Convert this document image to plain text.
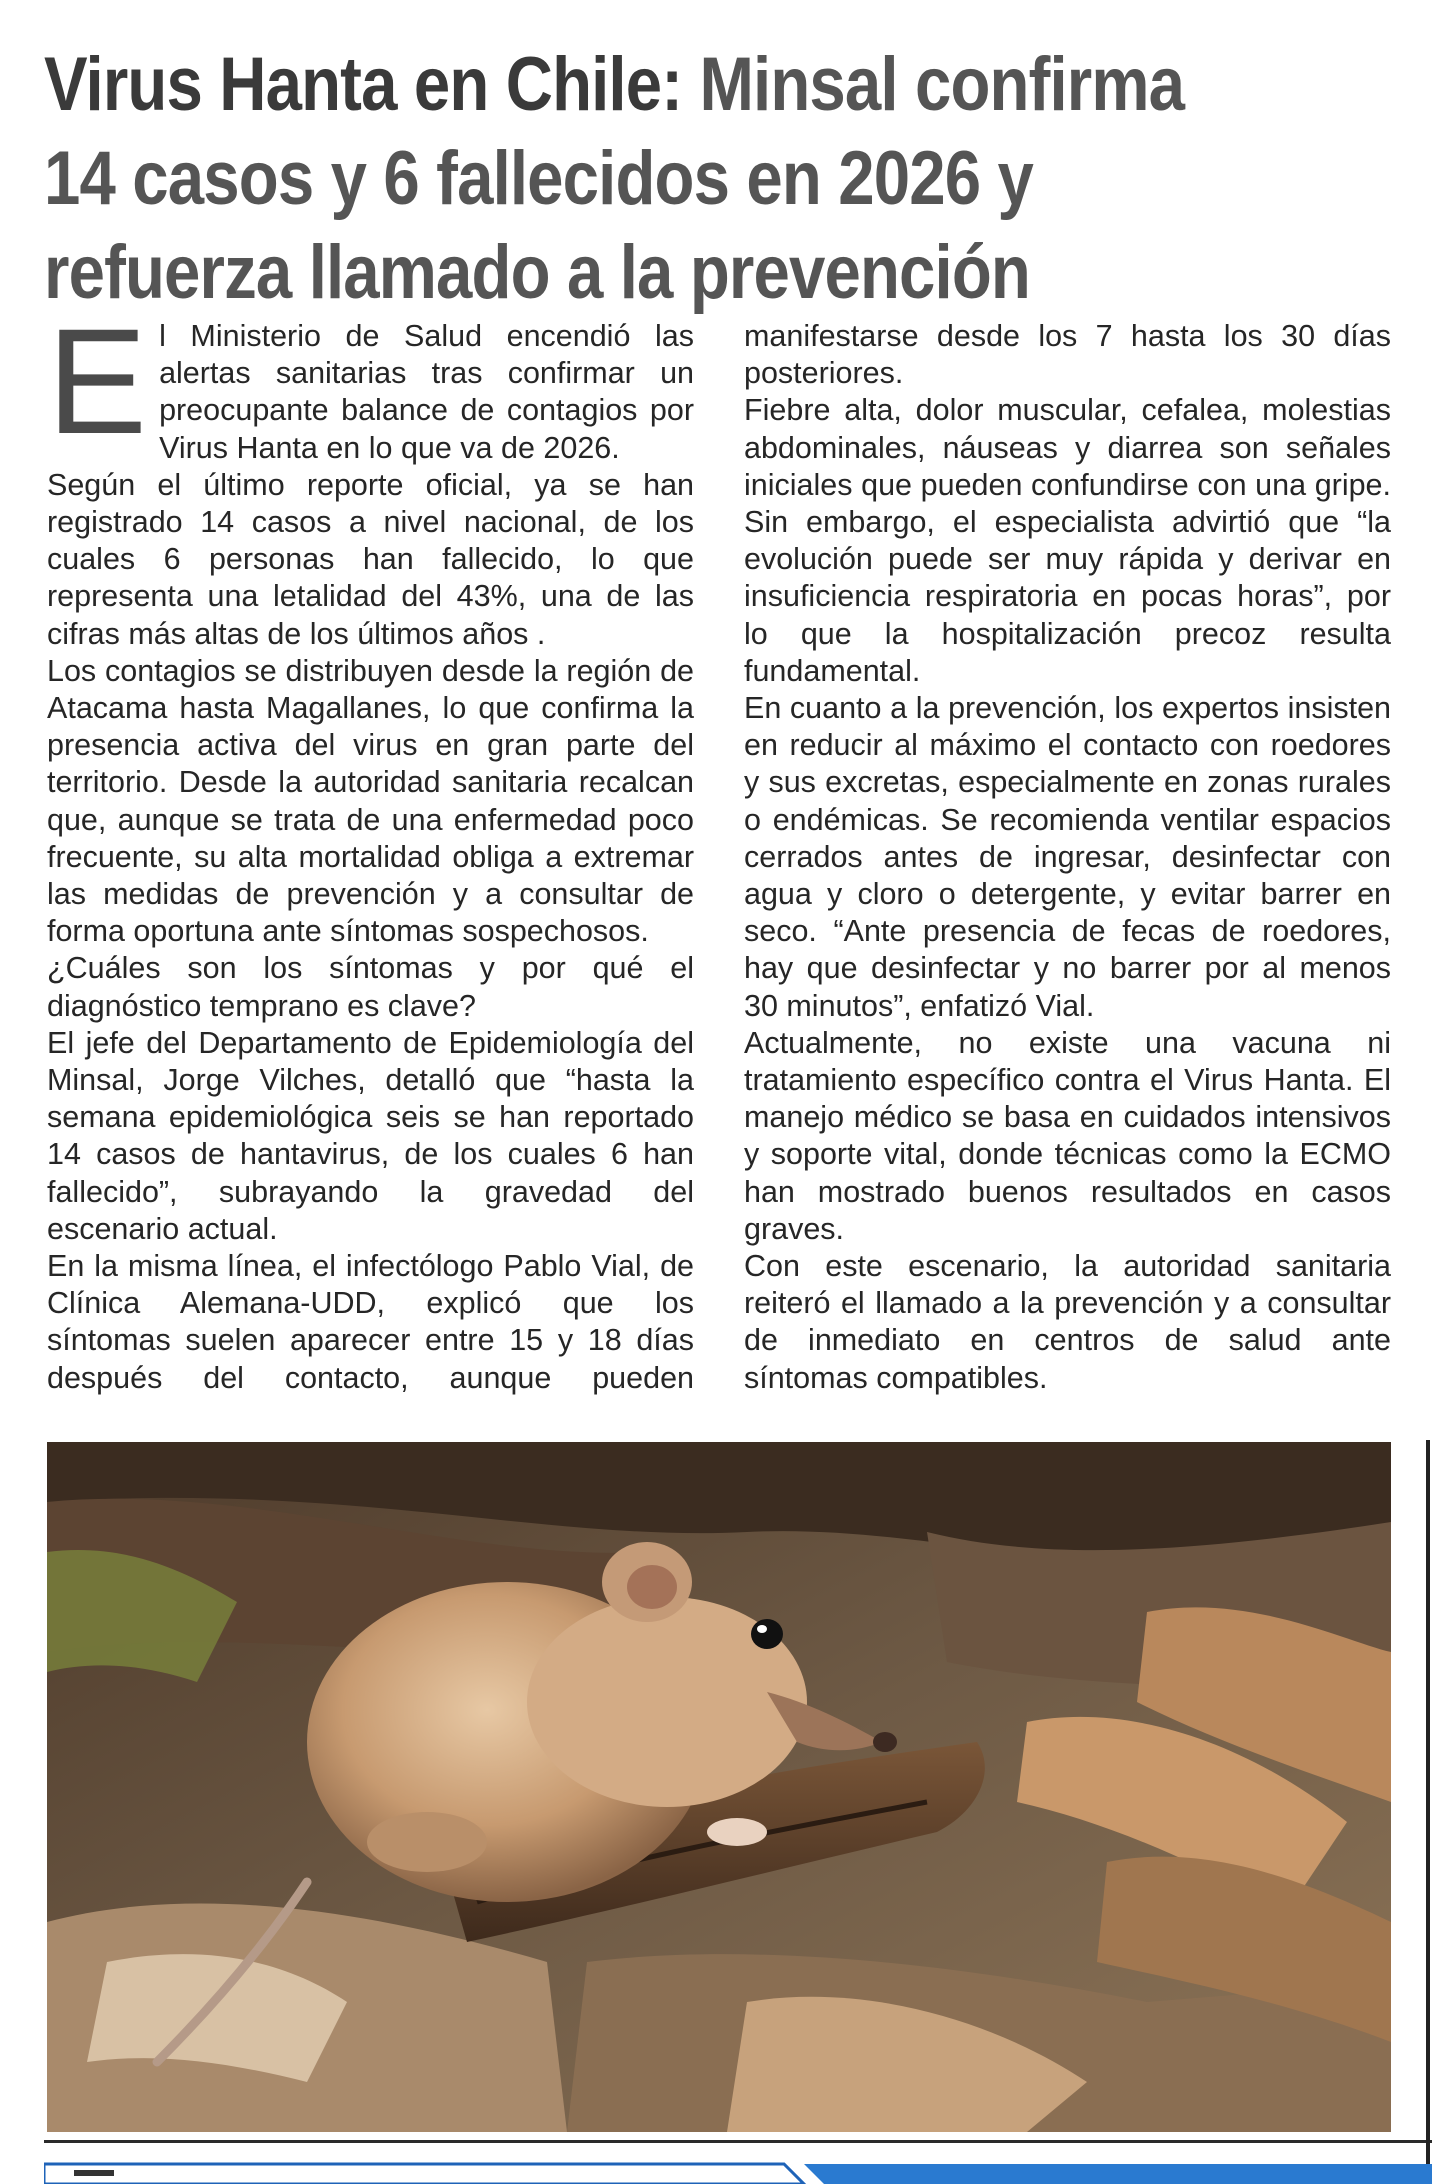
Virus Hanta en Chile: Minsal confirma 14 casos y 6 fallecidos en 2026 y refuerza llamado a la prevención

El Ministerio de Salud encendió las alertas sanitarias tras confirmar un preocupante balance de contagios por Virus Hanta en lo que va de 2026.

Según el último reporte oficial, ya se han registrado 14 casos a nivel nacional, de los cuales 6 personas han fallecido, lo que representa una letalidad del 43%, una de las cifras más altas de los últimos años .

Los contagios se distribuyen desde la región de Atacama hasta Magallanes, lo que confirma la presencia activa del virus en gran parte del territorio. Desde la autoridad sanitaria recalcan que, aunque se trata de una enfermedad poco frecuente, su alta mortalidad obliga a extremar las medidas de prevención y a consultar de forma oportuna ante síntomas sospechosos.

¿Cuáles son los síntomas y por qué el diagnóstico temprano es clave?

El jefe del Departamento de Epidemiología del Minsal, Jorge Vilches, detalló que “hasta la semana epidemiológica seis se han reportado 14 casos de hantavirus, de los cuales 6 han fallecido”, subrayando la gravedad del escenario actual.

En la misma línea, el infectólogo Pablo Vial, de Clínica Alemana-UDD, explicó que los síntomas suelen aparecer entre 15 y 18 días después del contacto, aunque pueden manifestarse desde los 7 hasta los 30 días posteriores.

Fiebre alta, dolor muscular, cefalea, molestias abdominales, náuseas y diarrea son señales iniciales que pueden confundirse con una gripe. Sin embargo, el especialista advirtió que “la evolución puede ser muy rápida y derivar en insuficiencia respiratoria en pocas horas”, por lo que la hospitalización precoz resulta fundamental.

En cuanto a la prevención, los expertos insisten en reducir al máximo el contacto con roedores y sus excretas, especialmente en zonas rurales o endémicas. Se recomienda ventilar espacios cerrados antes de ingresar, desinfectar con agua y cloro o detergente, y evitar barrer en seco. “Ante presencia de fecas de roedores, hay que desinfectar y no barrer por al menos 30 minutos”, enfatizó Vial.

Actualmente, no existe una vacuna ni tratamiento específico contra el Virus Hanta. El manejo médico se basa en cuidados intensivos y soporte vital, donde técnicas como la ECMO han mostrado buenos resultados en casos graves.

Con este escenario, la autoridad sanitaria reiteró el llamado a la prevención y a consultar de inmediato en centros de salud ante síntomas compatibles.
